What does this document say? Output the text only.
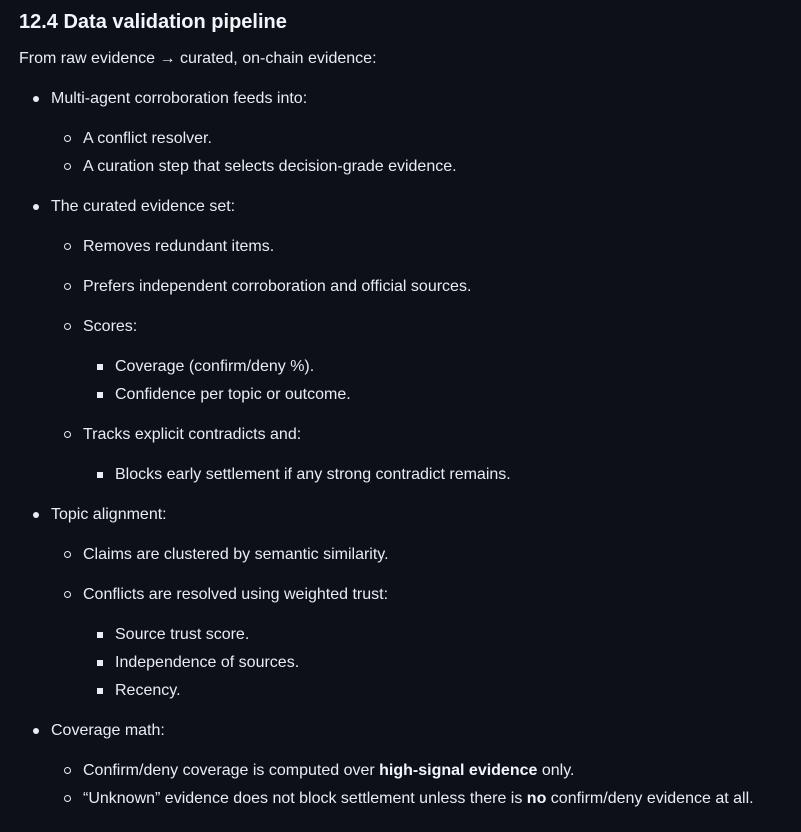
12.4 Data validation pipeline

From raw evidence → curated, on-chain evidence:

Multi-agent corroboration feeds into:
A conflict resolver.
A curation step that selects decision-grade evidence.
The curated evidence set:
Removes redundant items.
Prefers independent corroboration and official sources.
Scores:
Coverage (confirm/deny %).
Confidence per topic or outcome.
Tracks explicit contradicts and:
Blocks early settlement if any strong contradict remains.
Topic alignment:
Claims are clustered by semantic similarity.
Conflicts are resolved using weighted trust:
Source trust score.
Independence of sources.
Recency.
Coverage math:
Confirm/deny coverage is computed over high-signal evidence only.
“Unknown” evidence does not block settlement unless there is no confirm/deny evidence at all.
